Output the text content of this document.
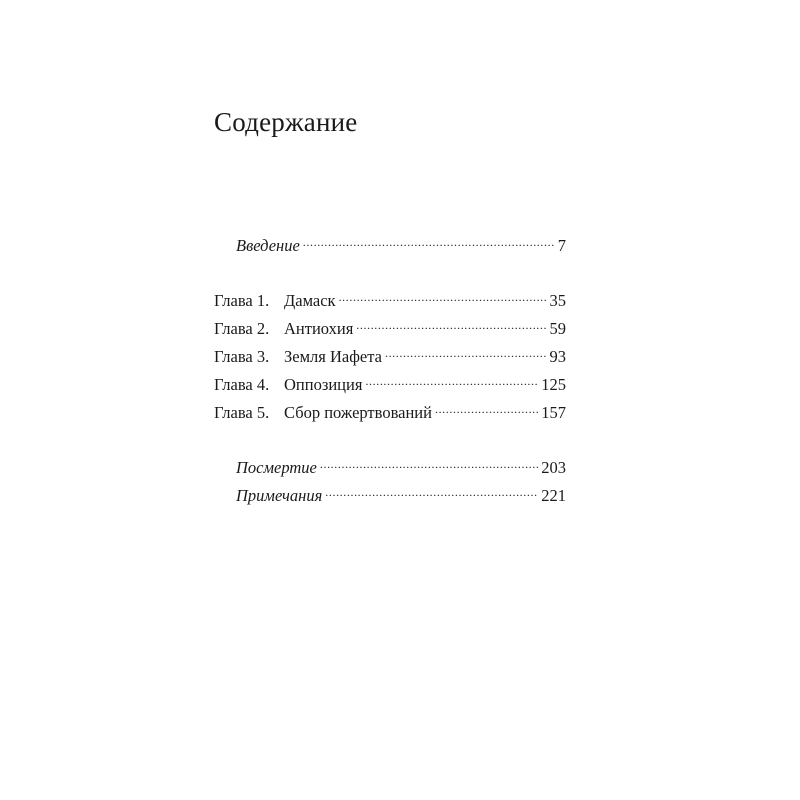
Содержание
Введение .....	7
Глава 1. Дамаск .....	35
Глава 2. Антиохия .....	59
Глава 3. Земля Иафета .....	93
Глава 4. Оппозиция .....	125
Глава 5. Сбор пожертвований .....	157
Посмертие .....	203
Примечания .....	221
